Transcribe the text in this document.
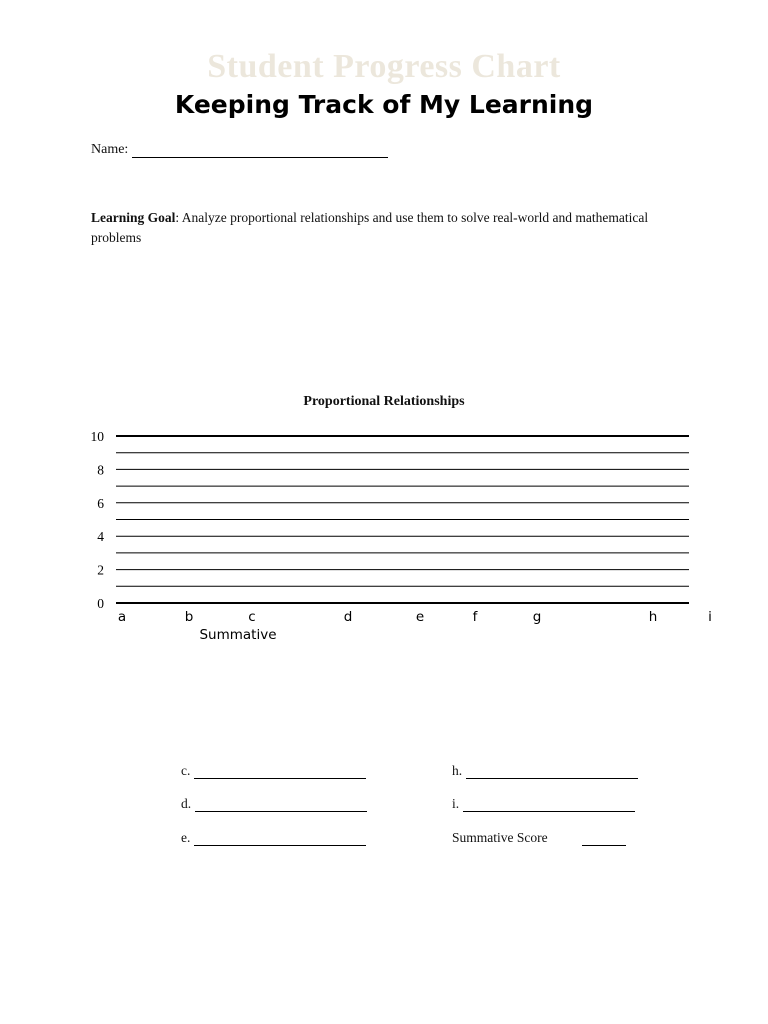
Student Progress Chart
Keeping Track of My Learning
Name:
Learning Goal: Analyze proportional relationships and use them to solve real-world and mathematical problems
Proportional Relationships
0
2
4
6
8
10
a	b	c	d	e	f	g	h	i
Summative
c.
d.
e.
h.
i.
Summative Score
